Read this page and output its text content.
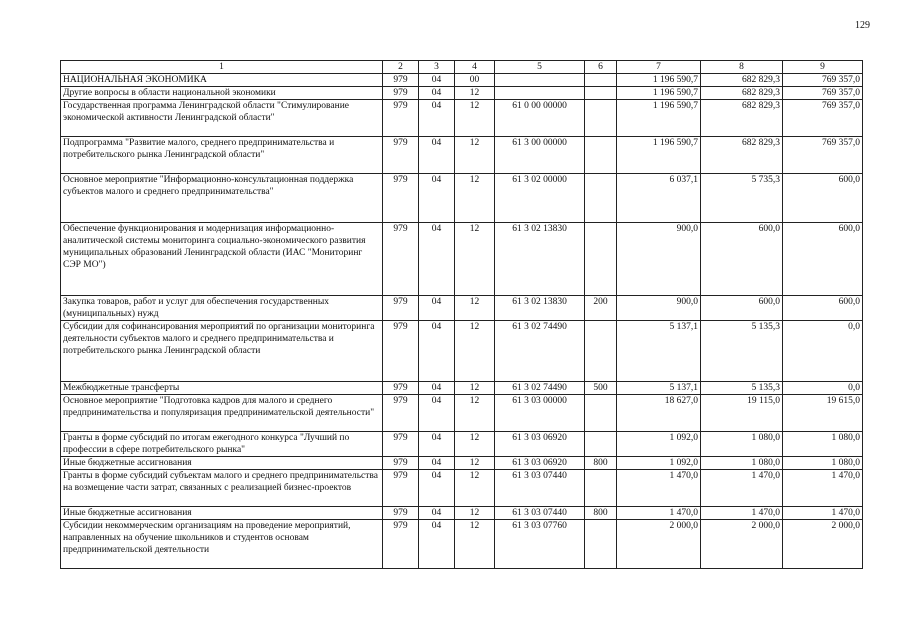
129
1	2	3	4	5	6	7	8	9
НАЦИОНАЛЬНАЯ ЭКОНОМИКА	979	04	00			1 196 590,7	682 829,3	769 357,0
Другие вопросы в области национальной экономики	979	04	12			1 196 590,7	682 829,3	769 357,0
Государственная программа Ленинградской области "Стимулирование экономической активности Ленинградской области"	979	04	12	61 0 00 00000		1 196 590,7	682 829,3	769 357,0
Подпрограмма "Развитие малого, среднего предпринимательства и потребительского рынка Ленинградской области"	979	04	12	61 3 00 00000		1 196 590,7	682 829,3	769 357,0
Основное мероприятие "Информационно-консультационная поддержка субъектов малого и среднего предпринимательства"	979	04	12	61 3 02 00000		6 037,1	5 735,3	600,0
Обеспечение функционирования и модернизация информационно-аналитической системы мониторинга социально-экономического развития муниципальных образований Ленинградской области (ИАС "Мониторинг СЭР МО")	979	04	12	61 3 02 13830		900,0	600,0	600,0
Закупка товаров, работ и услуг для обеспечения государственных (муниципальных) нужд	979	04	12	61 3 02 13830	200	900,0	600,0	600,0
Субсидии для софинансирования мероприятий по организации мониторинга деятельности субъектов малого и среднего предпринимательства и потребительского рынка Ленинградской области	979	04	12	61 3 02 74490		5 137,1	5 135,3	0,0
Межбюджетные трансферты	979	04	12	61 3 02 74490	500	5 137,1	5 135,3	0,0
Основное мероприятие "Подготовка кадров для малого и среднего предпринимательства и популяризация предпринимательской деятельности"	979	04	12	61 3 03 00000		18 627,0	19 115,0	19 615,0
Гранты в форме субсидий по итогам ежегодного конкурса "Лучший по профессии в сфере потребительского рынка"	979	04	12	61 3 03 06920		1 092,0	1 080,0	1 080,0
Иные бюджетные ассигнования	979	04	12	61 3 03 06920	800	1 092,0	1 080,0	1 080,0
Гранты в форме субсидий субъектам малого и среднего предпринимательства на возмещение части затрат, связанных с реализацией бизнес-проектов	979	04	12	61 3 03 07440		1 470,0	1 470,0	1 470,0
Иные бюджетные ассигнования	979	04	12	61 3 03 07440	800	1 470,0	1 470,0	1 470,0
Субсидии некоммерческим организациям на проведение мероприятий, направленных на обучение школьников и студентов основам предпринимательской деятельности	979	04	12	61 3 03 07760		2 000,0	2 000,0	2 000,0
